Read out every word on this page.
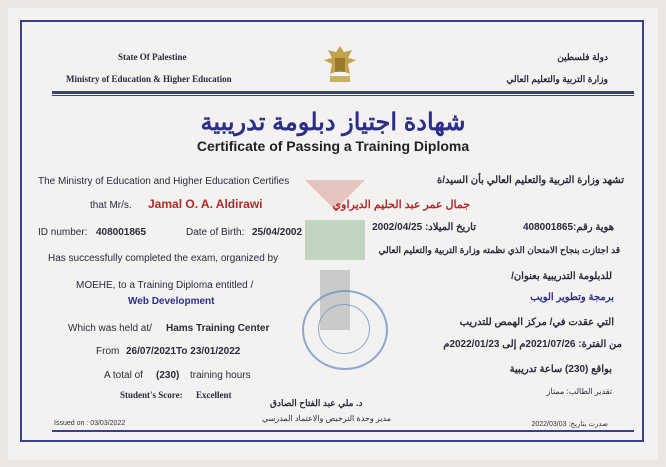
State Of Palestine
Ministry of Education & Higher Education
دولة فلسطين
وزارة التربية والتعليم العالي
شهادة اجتياز دبلومة تدريبية
Certificate of Passing a Training Diploma
The Ministry of Education and Higher Education Certifies
that Mr/s. Jamal O. A. Aldirawi
ID number: 408001865	Date of Birth: 25/04/2002
Has successfully completed the exam, organized by
MOEHE, to a Training Diploma entitled /
Web Development
Which was held at/ Hams Training Center
From 26/07/2021To 23/01/2022
A total of (230) training hours
Student's Score: Excellent
تشهد وزارة التربية والتعليم العالي بأن السيد/ة
جمال عمر عبد الحليم الديراوي
هوية رقم:408001865
تاريخ الميلاد: 2002/04/25
قد اجتازت بنجاح الامتحان الذي نظمته وزارة التربية والتعليم العالي
للدبلومة التدريبية بعنوان/
برمجة وتطوير الويب
التي عقدت في/ مركز الهمص للتدريب
من الفترة: 2021/07/26م إلى 2022/01/23م
بواقع (230) ساعة تدريبية
تقدير الطالب: ممتاز
د. ملي عبد الفتاح الصادق
مدير وحدة الترخيص والاعتماد المدرسي
Issued on : 03/03/2022	صدرت بتاريخ: 2022/03/03
